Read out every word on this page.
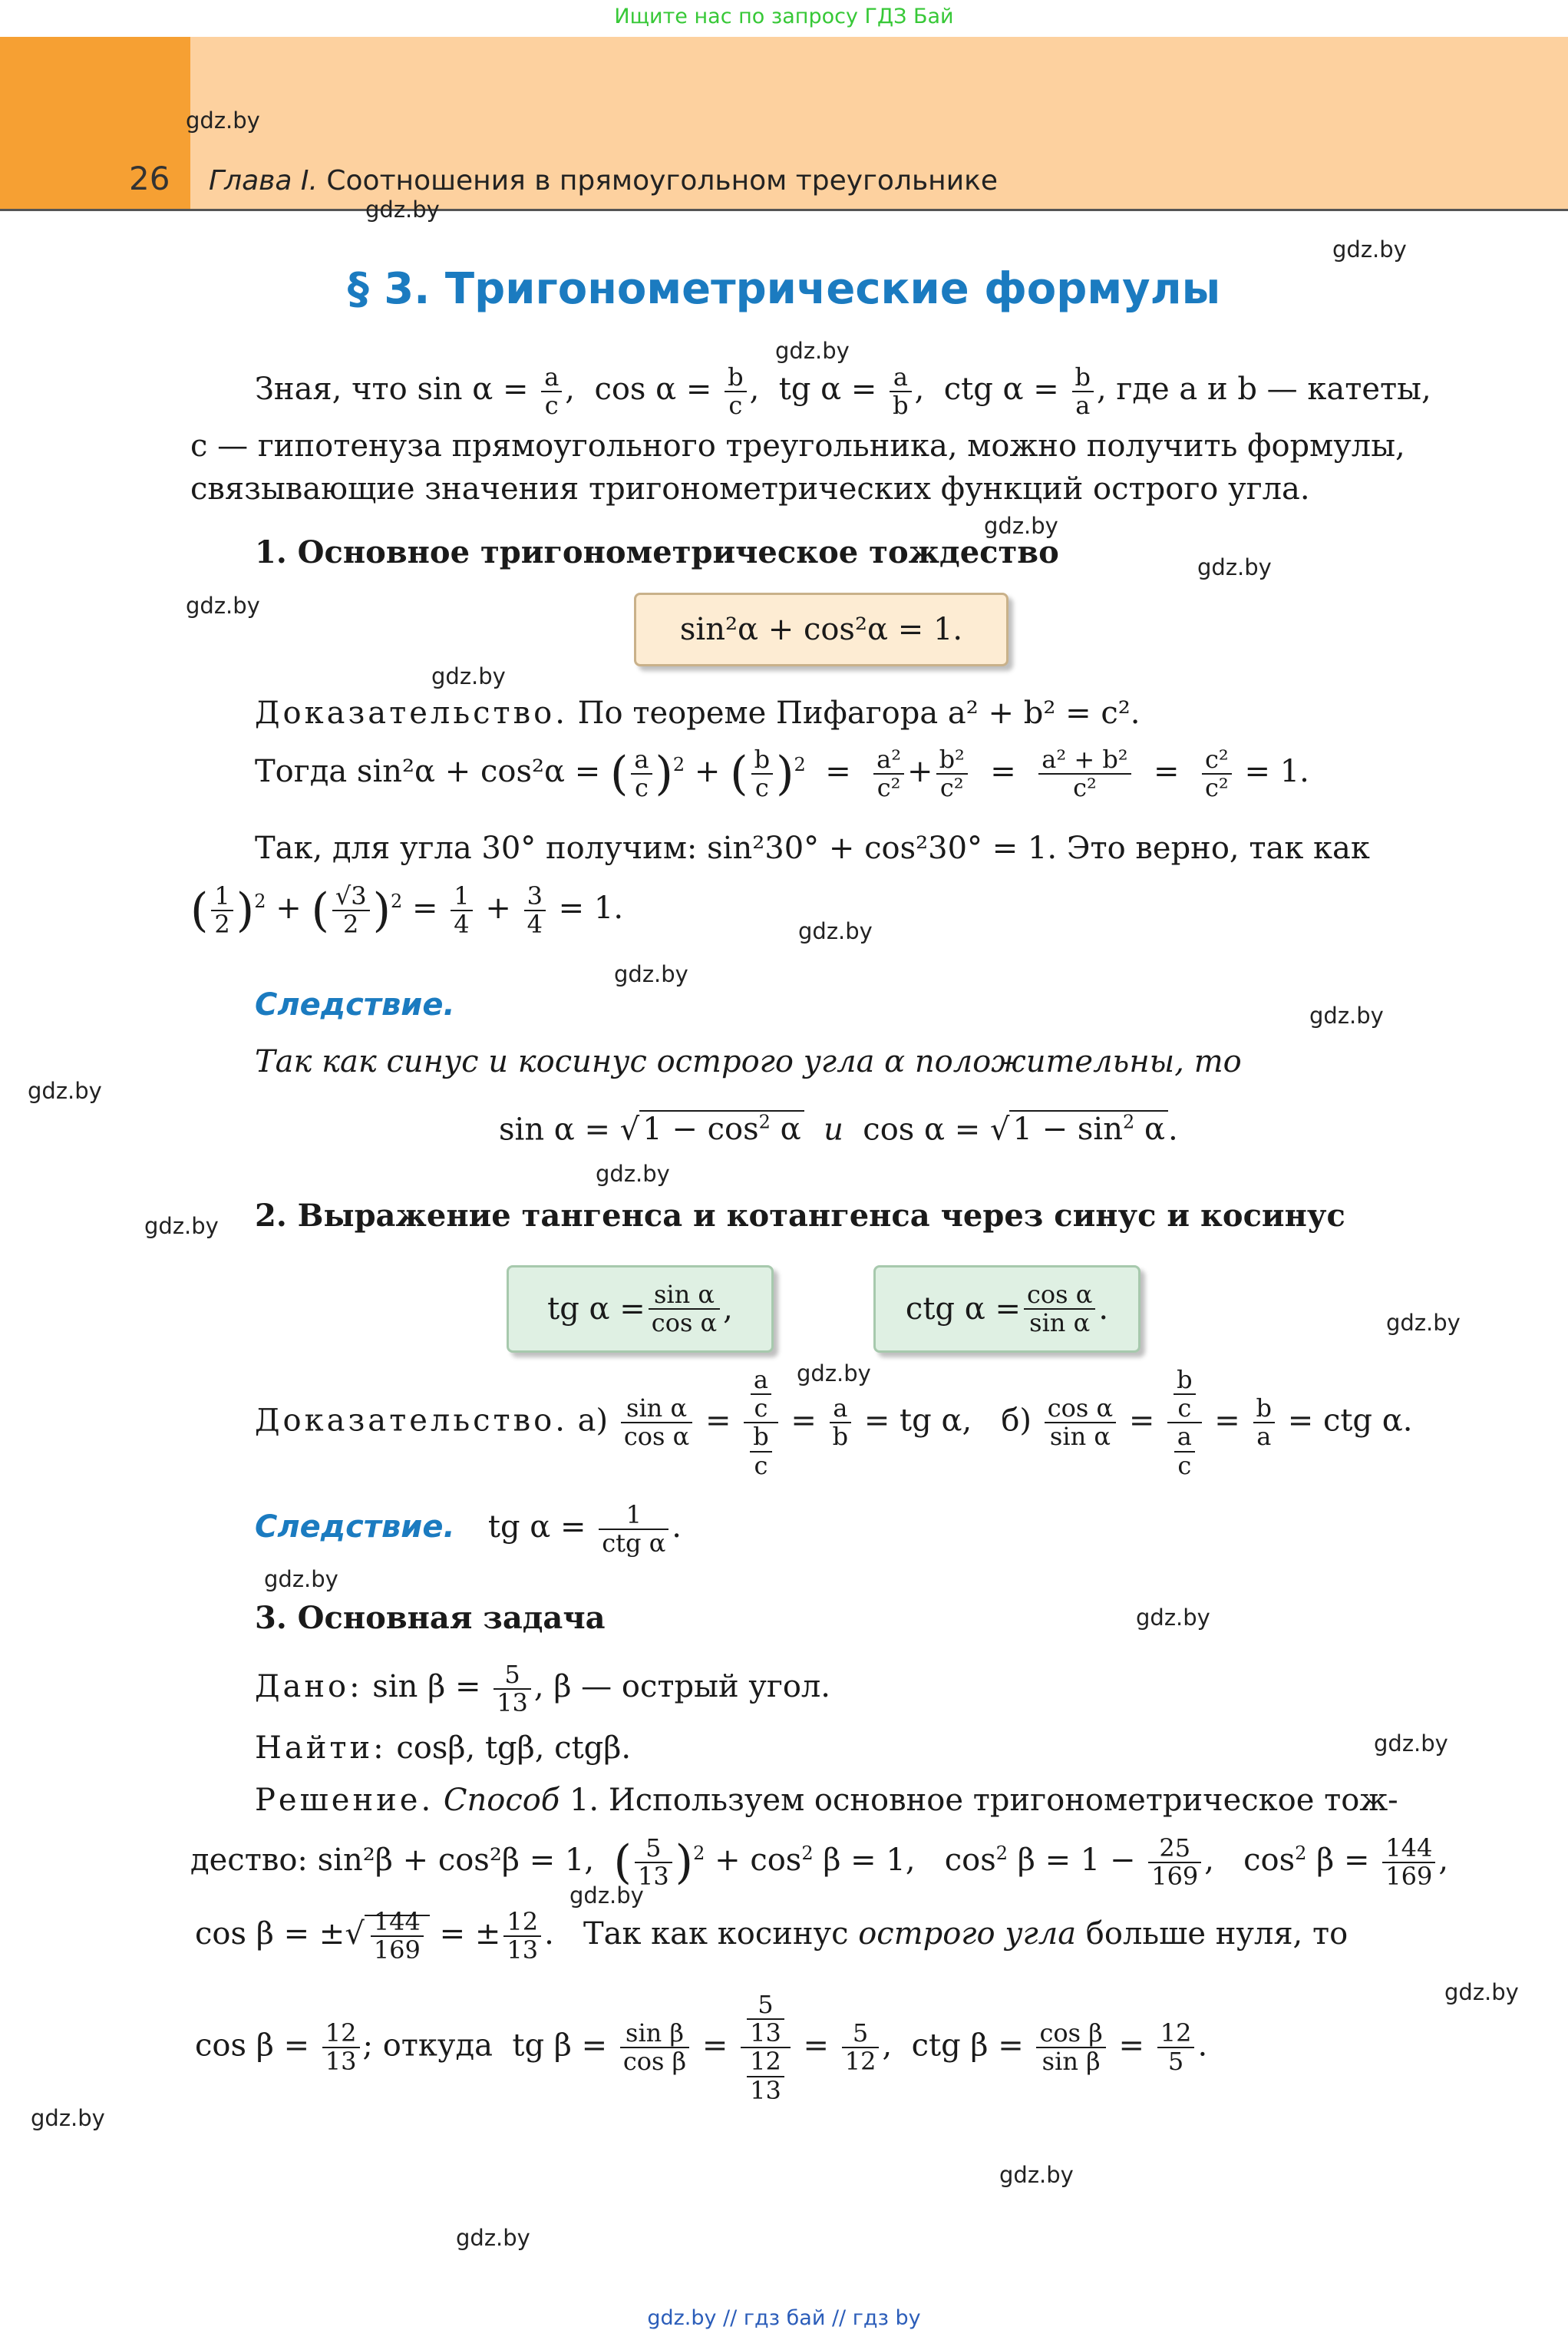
Ищите нас по запросу ГДЗ Бай
26 Глава I. Соотношения в прямоугольном треугольнике
gdz.by
gdz.by
gdz.by
gdz.by
gdz.by
gdz.by
gdz.by
gdz.by
gdz.by
gdz.by
gdz.by
gdz.by
gdz.by
gdz.by
gdz.by
gdz.by
gdz.by
gdz.by
gdz.by
gdz.by
gdz.by
gdz.by
gdz.by
gdz.by
§ 3. Тригонометрические формулы
Зная, что $\sin \alpha = \frac{a}{c}$ ,  $\cos \alpha = \frac{b}{c}$ ,  tg $\alpha = \frac{a}{b}$ ,  ctg $\alpha = \frac{b}{a}$ , где a и b — катеты,
c — гипотенуза прямоугольного треугольника, можно получить формулы,
связывающие значения тригонометрических функций острого угла.
1. Основное тригонометрическое тождество
sin²α + cos²α = 1.
Доказательство. По теореме Пифагора a² + b² = c².
Тогда sin²α + cos²α = ( $\frac{a}{c} )^2$ + ( $\frac{b}{c} )^2 = \frac{\text{a²}}{\text{c²}} + \frac{\text{b²}}{\text{c²}} = \frac{\text{a² + b²}}{\text{c²}} = \frac{\text{c²}}{\text{c²}} = 1$.
Так, для угла 30° получим: sin²30° + cos²30° = 1. Это верно, так как
( $\frac{1}{2} )^2$ + ( $\frac{√3}{2} )^2 = \frac{1}{4} + \frac{3}{4} = 1$.
Следствие.
Так как синус и косинус острого угла α положительны, то
sin α = √ $1 - \cos^2 \alpha$ и  cos α = √ $1 - \sin^2 \alpha$ .
2. Выражение тангенса и котангенса через синус и косинус
tg $\alpha = \frac{\text{sin α}}{\text{cos α}}$ ,	ctg $\alpha = \frac{\text{cos α}}{\text{sin α}}$ .
Доказательство. $а) \frac{\text{sin α}}{\text{cos α}} = \frac{\frac{a}{c}}{\frac{b}{c}} = \frac{a}{b}$ = tg α,   $б) \frac{\text{cos α}}{\text{sin α}} = \frac{\frac{b}{c}}{\frac{a}{c}} = \frac{b}{a}$ = ctg α.
Следствие.    tg $\alpha = \frac{1}{\text{ctg α}}$ .
3. Основная задача
Дано: $\sin \beta = \frac{5}{13}$ , β — острый угол.
Найти: cosβ, tgβ, ctgβ.
Решение. Способ 1. Используем основное тригонометрическое тож-
дество: sin²β + cos²β = 1, ( $\frac{5}{13} )^2 + \cos^2 \beta = 1$,   $\cos^2 \beta = 1 - \frac{25}{169}$ ,   $\cos^2 \beta = \frac{144}{169}$ ,
cos β = ±√ $\frac{144}{169}$ = ± $\frac{12}{13}$ .   Так как косинус острого угла больше нуля, то
$\cos \beta = \frac{12}{13}$ ; откуда  tg $\beta = \frac{\text{sin β}}{\text{cos β}} = \frac{\frac{5}{13}}{\frac{12}{13}} = \frac{5}{12}$ ,  ctg $\beta = \frac{\text{cos β}}{\text{sin β}} = \frac{12}{5}$ .
gdz.by // гдз бай // гдз by
